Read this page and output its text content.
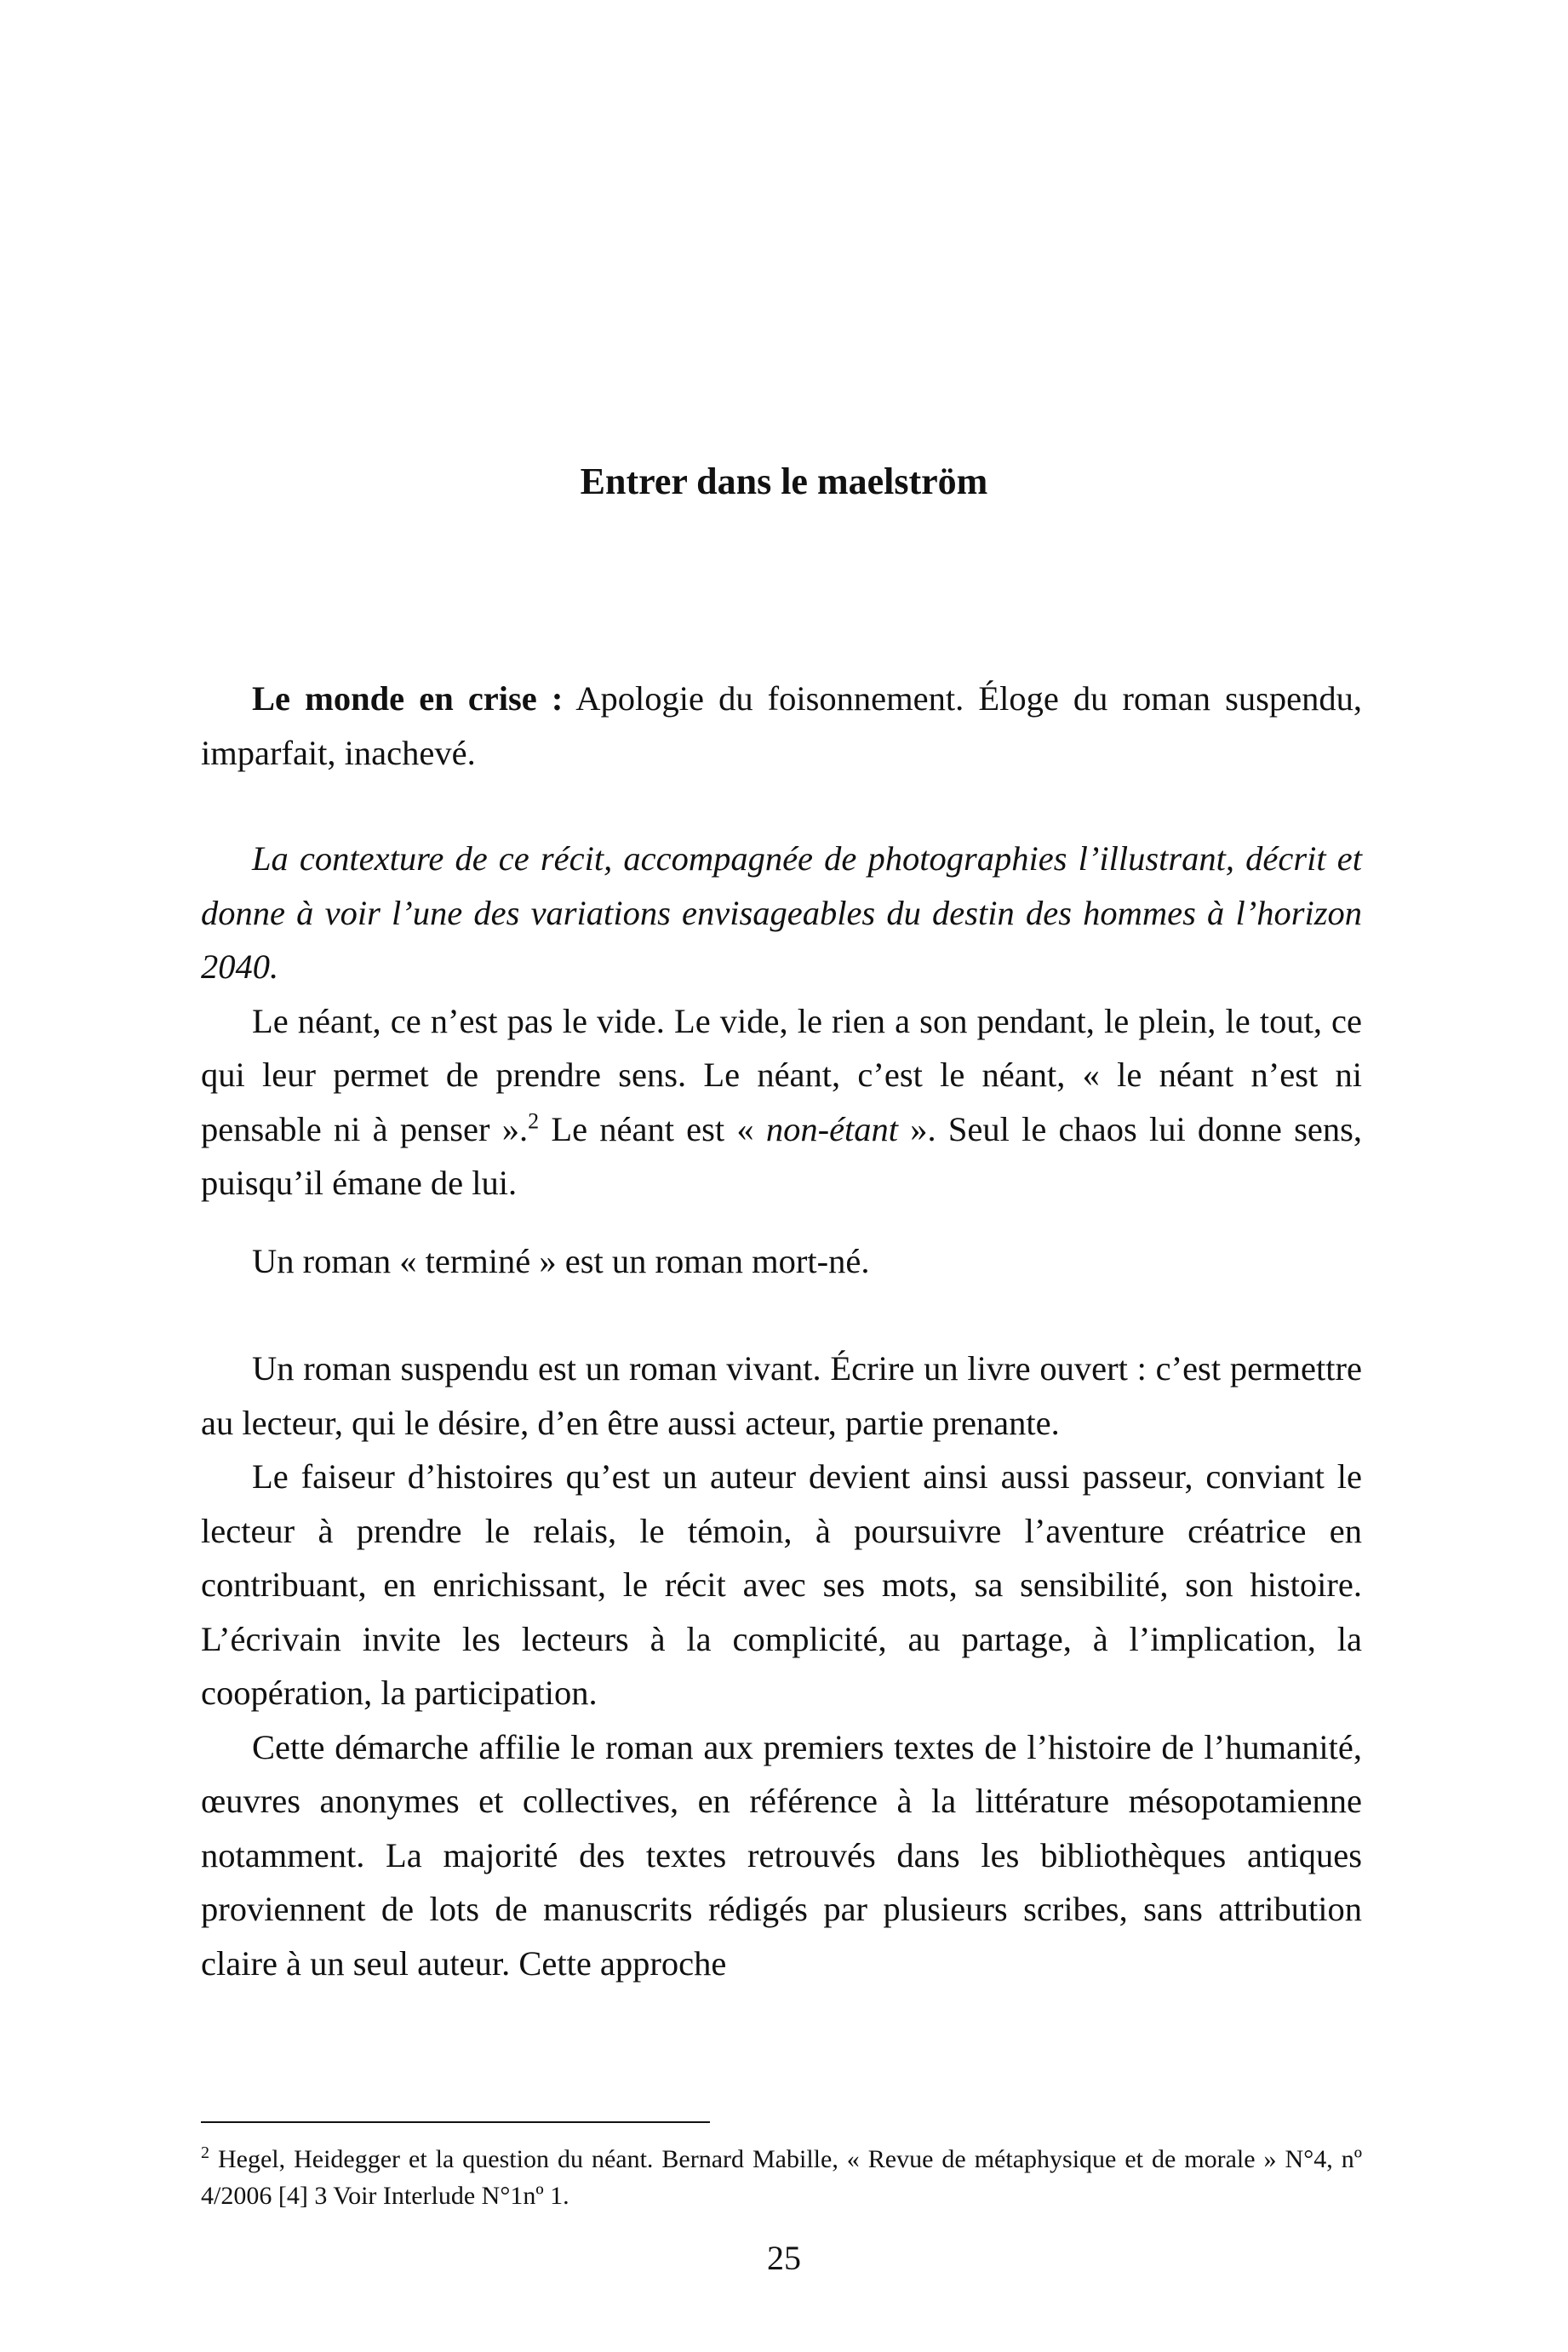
Entrer dans le maelström

Le monde en crise : Apologie du foisonnement. Éloge du roman suspendu, imparfait, inachevé.

La contexture de ce récit, accompagnée de photographies l’illustrant, décrit et donne à voir l’une des variations envisageables du destin des hommes à l’horizon 2040.

Le néant, ce n’est pas le vide. Le vide, le rien a son pendant, le plein, le tout, ce qui leur permet de prendre sens. Le néant, c’est le néant, « le néant n’est ni pensable ni à penser ».$^2$ Le néant est « non-étant ». Seul le chaos lui donne sens, puisqu’il émane de lui.

Un roman « terminé » est un roman mort-né.

Un roman suspendu est un roman vivant. Écrire un livre ouvert : c’est permettre au lecteur, qui le désire, d’en être aussi acteur, partie prenante.

Le faiseur d’histoires qu’est un auteur devient ainsi aussi passeur, conviant le lecteur à prendre le relais, le témoin, à poursuivre l’aventure créatrice en contribuant, en enrichissant, le récit avec ses mots, sa sensibilité, son histoire. L’écrivain invite les lecteurs à la complicité, au partage, à l’implication, la coopération, la participation.

Cette démarche affilie le roman aux premiers textes de l’histoire de l’humanité, œuvres anonymes et collectives, en référence à la littérature mésopotamienne notamment. La majorité des textes retrouvés dans les bibliothèques antiques proviennent de lots de manuscrits rédigés par plusieurs scribes, sans attribution claire à un seul auteur. Cette approche

$^2$ Hegel, Heidegger et la question du néant. Bernard Mabille, « Revue de métaphysique et de morale » N°4, nº 4/2006 [4] 3 Voir Interlude N°1nº 1.

25
